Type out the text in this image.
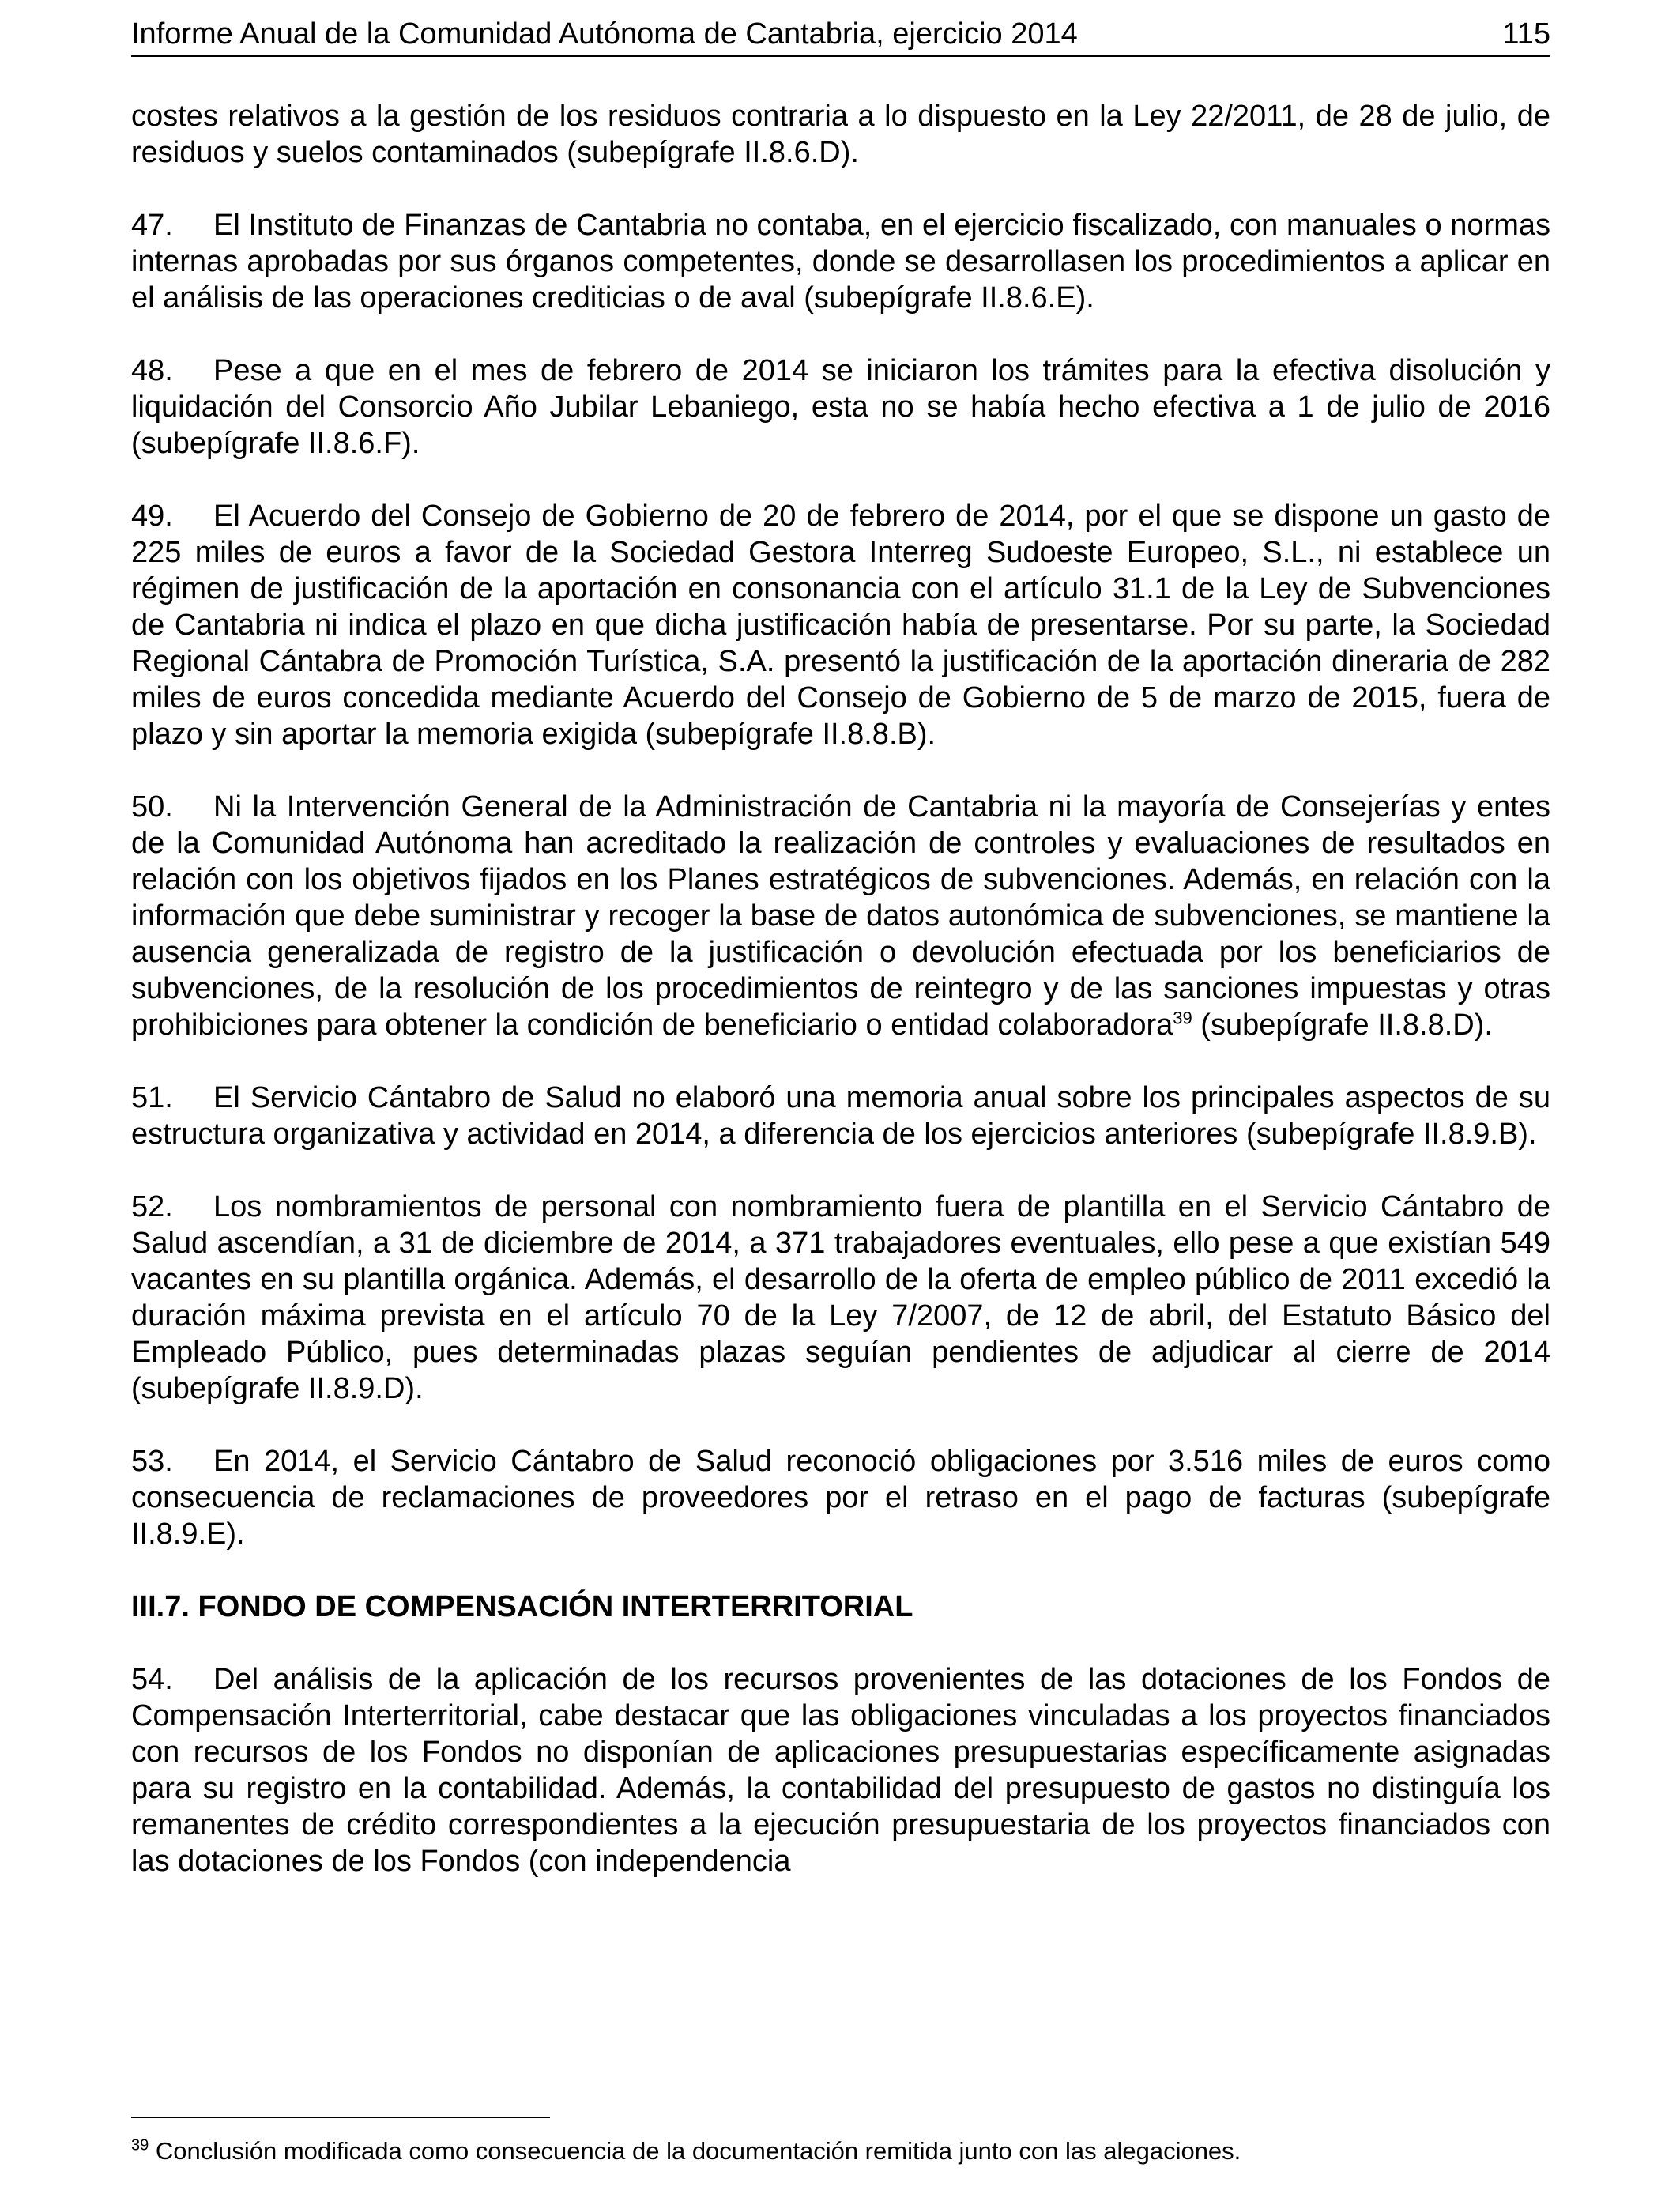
Informe Anual de la Comunidad Autónoma de Cantabria, ejercicio 2014	115

costes relativos a la gestión de los residuos contraria a lo dispuesto en la Ley 22/2011, de 28 de julio, de residuos y suelos contaminados (subepígrafe II.8.6.D).

47. El Instituto de Finanzas de Cantabria no contaba, en el ejercicio fiscalizado, con manuales o normas internas aprobadas por sus órganos competentes, donde se desarrollasen los procedimientos a aplicar en el análisis de las operaciones crediticias o de aval (subepígrafe II.8.6.E).

48. Pese a que en el mes de febrero de 2014 se iniciaron los trámites para la efectiva disolución y liquidación del Consorcio Año Jubilar Lebaniego, esta no se había hecho efectiva a 1 de julio de 2016 (subepígrafe II.8.6.F).

49. El Acuerdo del Consejo de Gobierno de 20 de febrero de 2014, por el que se dispone un gasto de 225 miles de euros a favor de la Sociedad Gestora Interreg Sudoeste Europeo, S.L., ni establece un régimen de justificación de la aportación en consonancia con el artículo 31.1 de la Ley de Subvenciones de Cantabria ni indica el plazo en que dicha justificación había de presentarse. Por su parte, la Sociedad Regional Cántabra de Promoción Turística, S.A. presentó la justificación de la aportación dineraria de 282 miles de euros concedida mediante Acuerdo del Consejo de Gobierno de 5 de marzo de 2015, fuera de plazo y sin aportar la memoria exigida (subepígrafe II.8.8.B).

50. Ni la Intervención General de la Administración de Cantabria ni la mayoría de Consejerías y entes de la Comunidad Autónoma han acreditado la realización de controles y evaluaciones de resultados en relación con los objetivos fijados en los Planes estratégicos de subvenciones. Además, en relación con la información que debe suministrar y recoger la base de datos autonómica de subvenciones, se mantiene la ausencia generalizada de registro de la justificación o devolución efectuada por los beneficiarios de subvenciones, de la resolución de los procedimientos de reintegro y de las sanciones impuestas y otras prohibiciones para obtener la condición de beneficiario o entidad colaboradora$^{39}$ (subepígrafe II.8.8.D).

51. El Servicio Cántabro de Salud no elaboró una memoria anual sobre los principales aspectos de su estructura organizativa y actividad en 2014, a diferencia de los ejercicios anteriores (subepígrafe II.8.9.B).

52. Los nombramientos de personal con nombramiento fuera de plantilla en el Servicio Cántabro de Salud ascendían, a 31 de diciembre de 2014, a 371 trabajadores eventuales, ello pese a que existían 549 vacantes en su plantilla orgánica. Además, el desarrollo de la oferta de empleo público de 2011 excedió la duración máxima prevista en el artículo 70 de la Ley 7/2007, de 12 de abril, del Estatuto Básico del Empleado Público, pues determinadas plazas seguían pendientes de adjudicar al cierre de 2014 (subepígrafe II.8.9.D).

53. En 2014, el Servicio Cántabro de Salud reconoció obligaciones por 3.516 miles de euros como consecuencia de reclamaciones de proveedores por el retraso en el pago de facturas (subepígrafe II.8.9.E).

III.7. FONDO DE COMPENSACIÓN INTERTERRITORIAL

54. Del análisis de la aplicación de los recursos provenientes de las dotaciones de los Fondos de Compensación Interterritorial, cabe destacar que las obligaciones vinculadas a los proyectos financiados con recursos de los Fondos no disponían de aplicaciones presupuestarias específicamente asignadas para su registro en la contabilidad. Además, la contabilidad del presupuesto de gastos no distinguía los remanentes de crédito correspondientes a la ejecución presupuestaria de los proyectos financiados con las dotaciones de los Fondos (con independencia

$^{39}$ Conclusión modificada como consecuencia de la documentación remitida junto con las alegaciones.
